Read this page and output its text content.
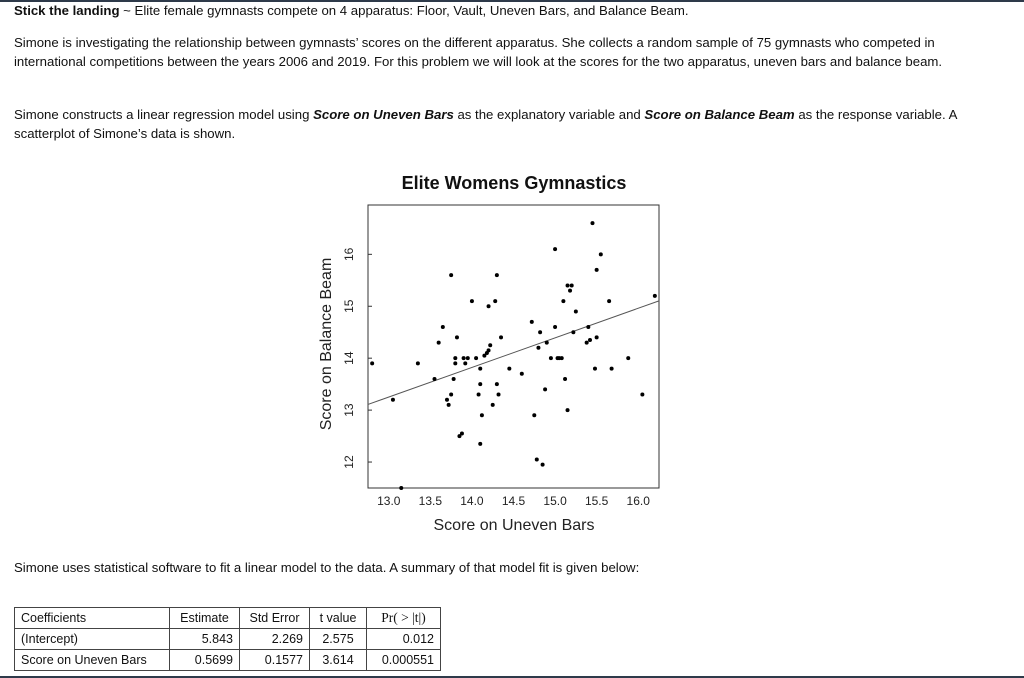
Stick the landing ~ Elite female gymnasts compete on 4 apparatus: Floor, Vault, Uneven Bars, and Balance Beam.

Simone is investigating the relationship between gymnasts’ scores on the different apparatus. She collects a random sample of 75 gymnasts who competed in international competitions between the years 2006 and 2019. For this problem we will look at the scores for the two apparatus, uneven bars and balance beam.

Simone constructs a linear regression model using Score on Uneven Bars as the explanatory variable and Score on Balance Beam as the response variable. A scatterplot of Simone’s data is shown.

Elite Womens Gymnastics
13.0 13.5 14.0 14.5 15.0 15.5 16.0
12
13
14
15
16
Score on Uneven Bars
Score on Balance Beam

Simone uses statistical software to fit a linear model to the data. A summary of that model fit is given below:

Coefficients	Estimate	Std Error	t value	Pr( > |t|)
(Intercept)	5.843	2.269	2.575	0.012
Score on Uneven Bars	0.5699	0.1577	3.614	0.000551
